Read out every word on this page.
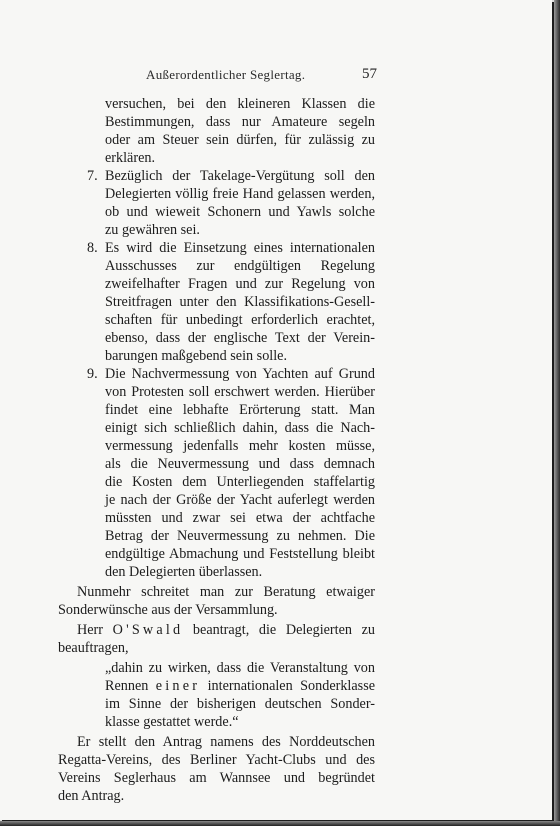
Außerordentlicher Seglertag.	57
versuchen, bei den kleineren Klassen die
Bestimmungen, dass nur Amateure segeln
oder am Steuer sein dürfen, für zulässig zu
erklären.
7. Bezüglich der Takelage-Vergütung soll den
Delegierten völlig freie Hand gelassen werden,
ob und wieweit Schonern und Yawls solche
zu gewähren sei.
8. Es wird die Einsetzung eines internationalen
Ausschusses zur endgültigen Regelung
zweifelhafter Fragen und zur Regelung von
Streitfragen unter den Klassifikations-Gesell-
schaften für unbedingt erforderlich erachtet,
ebenso, dass der englische Text der Verein-
barungen maßgebend sein solle.
9. Die Nachvermessung von Yachten auf Grund
von Protesten soll erschwert werden. Hierüber
findet eine lebhafte Erörterung statt. Man
einigt sich schließlich dahin, dass die Nach-
vermessung jedenfalls mehr kosten müsse,
als die Neuvermessung und dass demnach
die Kosten dem Unterliegenden staffelartig
je nach der Größe der Yacht auferlegt werden
müssten und zwar sei etwa der achtfache
Betrag der Neuvermessung zu nehmen. Die
endgültige Abmachung und Feststellung bleibt
den Delegierten überlassen.
Nunmehr schreitet man zur Beratung etwaiger
Sonderwünsche aus der Versammlung.
Herr O'Swald beantragt, die Delegierten zu
beauftragen,
„dahin zu wirken, dass die Veranstaltung von
Rennen einer internationalen Sonderklasse
im Sinne der bisherigen deutschen Sonder-
klasse gestattet werde.“
Er stellt den Antrag namens des Norddeutschen
Regatta-Vereins, des Berliner Yacht-Clubs und des
Vereins Seglerhaus am Wannsee und begründet
den Antrag.
